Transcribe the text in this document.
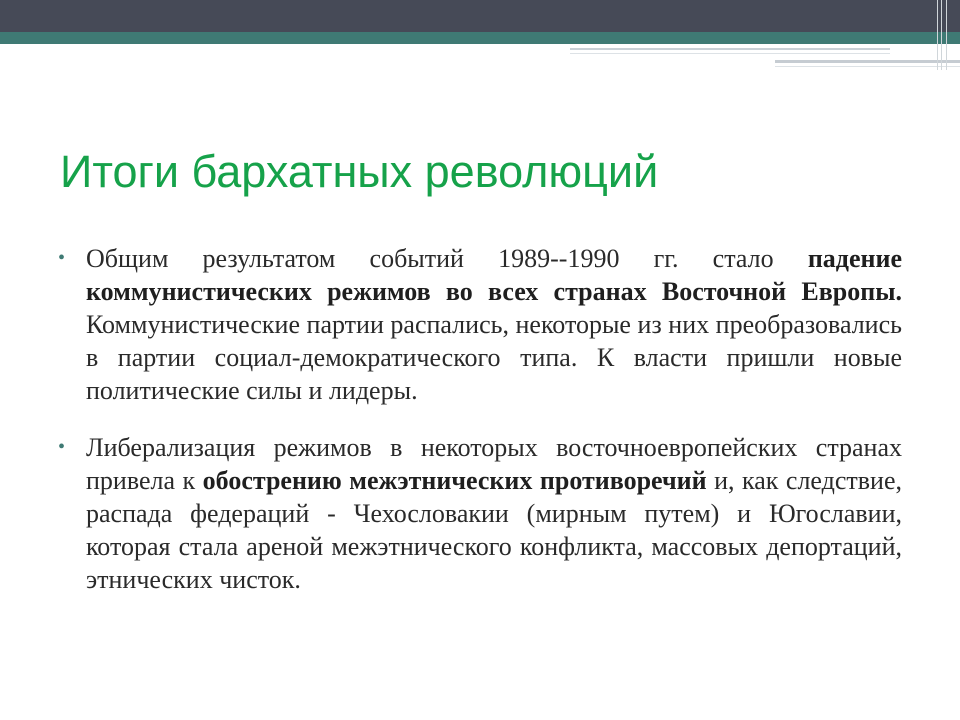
Итоги бархатных революций
• Общим результатом событий 1989--1990 гг. стало падение коммунистических режимов во всех странах Восточной Европы. Коммунистические партии распались, некоторые из них преобразовались в партии социал-демократического типа. К власти пришли новые политические силы и лидеры.
• Либерализация режимов в некоторых восточноевропейских странах привела к обострению межэтнических противоречий и, как следствие, распада федераций - Чехословакии (мирным путем) и Югославии, которая стала ареной межэтнического конфликта, массовых депортаций, этнических чисток.
